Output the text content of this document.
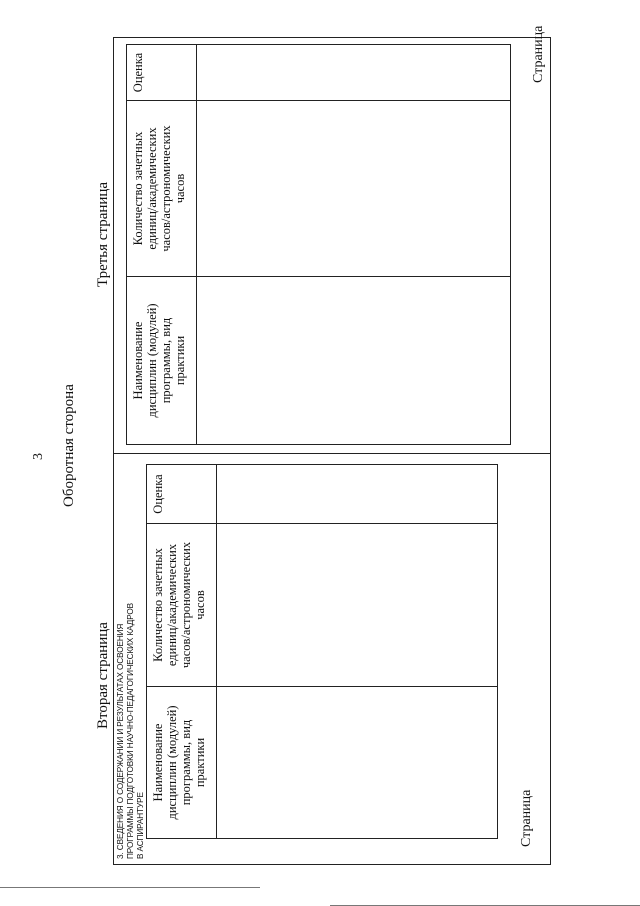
3 Оборотная сторона
Вторая страница
Третья страница
3. СВЕДЕНИЯ О СОДЕРЖАНИИ И РЕЗУЛЬТАТАХ ОСВОЕНИЯ ПРОГРАММЫ ПОДГОТОВКИ НАУЧНО-ПЕДАГОГИЧЕСКИХ КАДРОВ В АСПИРАНТУРЕ
Наименование дисциплин (модулей) программы, вид практики	Количество зачетных единиц/академических часов/астрономических часов	Оценка

Страница
Наименование дисциплин (модулей) программы, вид практики	Количество зачетных единиц/академических часов/астрономических часов	Оценка

			Страница
